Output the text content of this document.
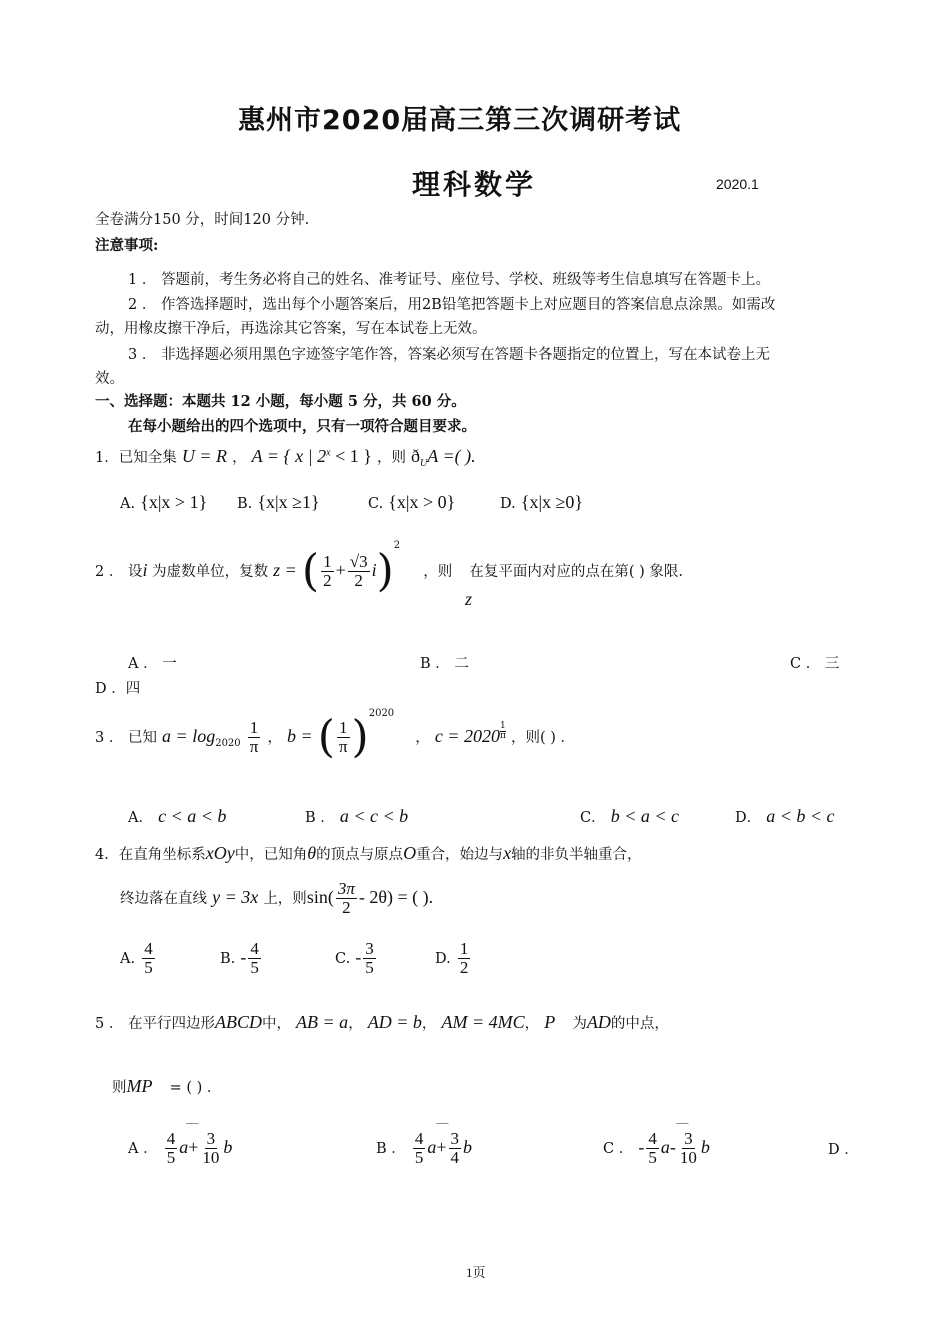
惠州市2020届高三第三次调研考试
理科数学	2020.1
全卷满分150 分，时间120 分钟.
注意事项:
1 ． 答题前，考生务必将自己的姓名、准考证号、座位号、学校、班级等考生信息填写在答题卡上。
2 ． 作答选择题时，选出每个小题答案后，用2B铅笔把答题卡上对应题目的答案信息点涂黑。如需改
动，用橡皮擦干净后，再选涂其它答案，写在本试卷上无效。
3 ． 非选择题必须用黑色字迹签字笔作答，答案必须写在答题卡各题指定的位置上，写在本试卷上无
效。
一、选择题：本题共 12 小题，每小题 5 分，共 60 分。
在每小题给出的四个选项中，只有一项符合题目要求。
1．已知全集 U = R ， A = { x | $2^x < 1$ } ，则 $ð_UA$ =( ).
A. {x|x > 1} B. {x|x ≥1}	C. {x|x > 0}	D. {x|x ≥0}
2 ． 设i 为虚数单位，复数 z = ( $\frac{1}{2} + \frac{√3}{2} i)^2$ ，则 在复平面内对应的点在第( ) 象限.
z
A ． 一	B ． 二	C ． 三
D ．四
3 ． 已知 $a = \log_{2020} \frac{1}{\pi}$ ， b = ( $\frac{1}{\pi} )^{2020}$ ， $c = 2020 \frac{1}{\pi}$ ，则( ) ．
A． c < a < b	B ． a < c < b	C． b < a < c	D． a < b < c
4．在直角坐标系xOy中，已知角θ的顶点与原点O重合，始边与x轴的非负半轴重合，
终边落在直线 y = 3x 上，则$\sin( \frac{3\pi}{2} - 2\theta)$ = ( ).
A. $\frac{4}{5}$	B. - $\frac{4}{5}$	C. - $\frac{3}{5}$	D. $\frac{1}{2}$
5 ． 在平行四边形ABCD中， AB = a， AD = b， AM = 4MC， P 为AD的中点，
则MP = ( ) ．
A ． $\frac{4}{5} a+ \frac{3}{10}$ b
‾‾‾
B ． $\frac{4}{5} a+ \frac{3}{4}$ b
‾‾‾
C ． - $\frac{4}{5} a- \frac{3}{10}$ b
‾‾‾
D ．
1页
